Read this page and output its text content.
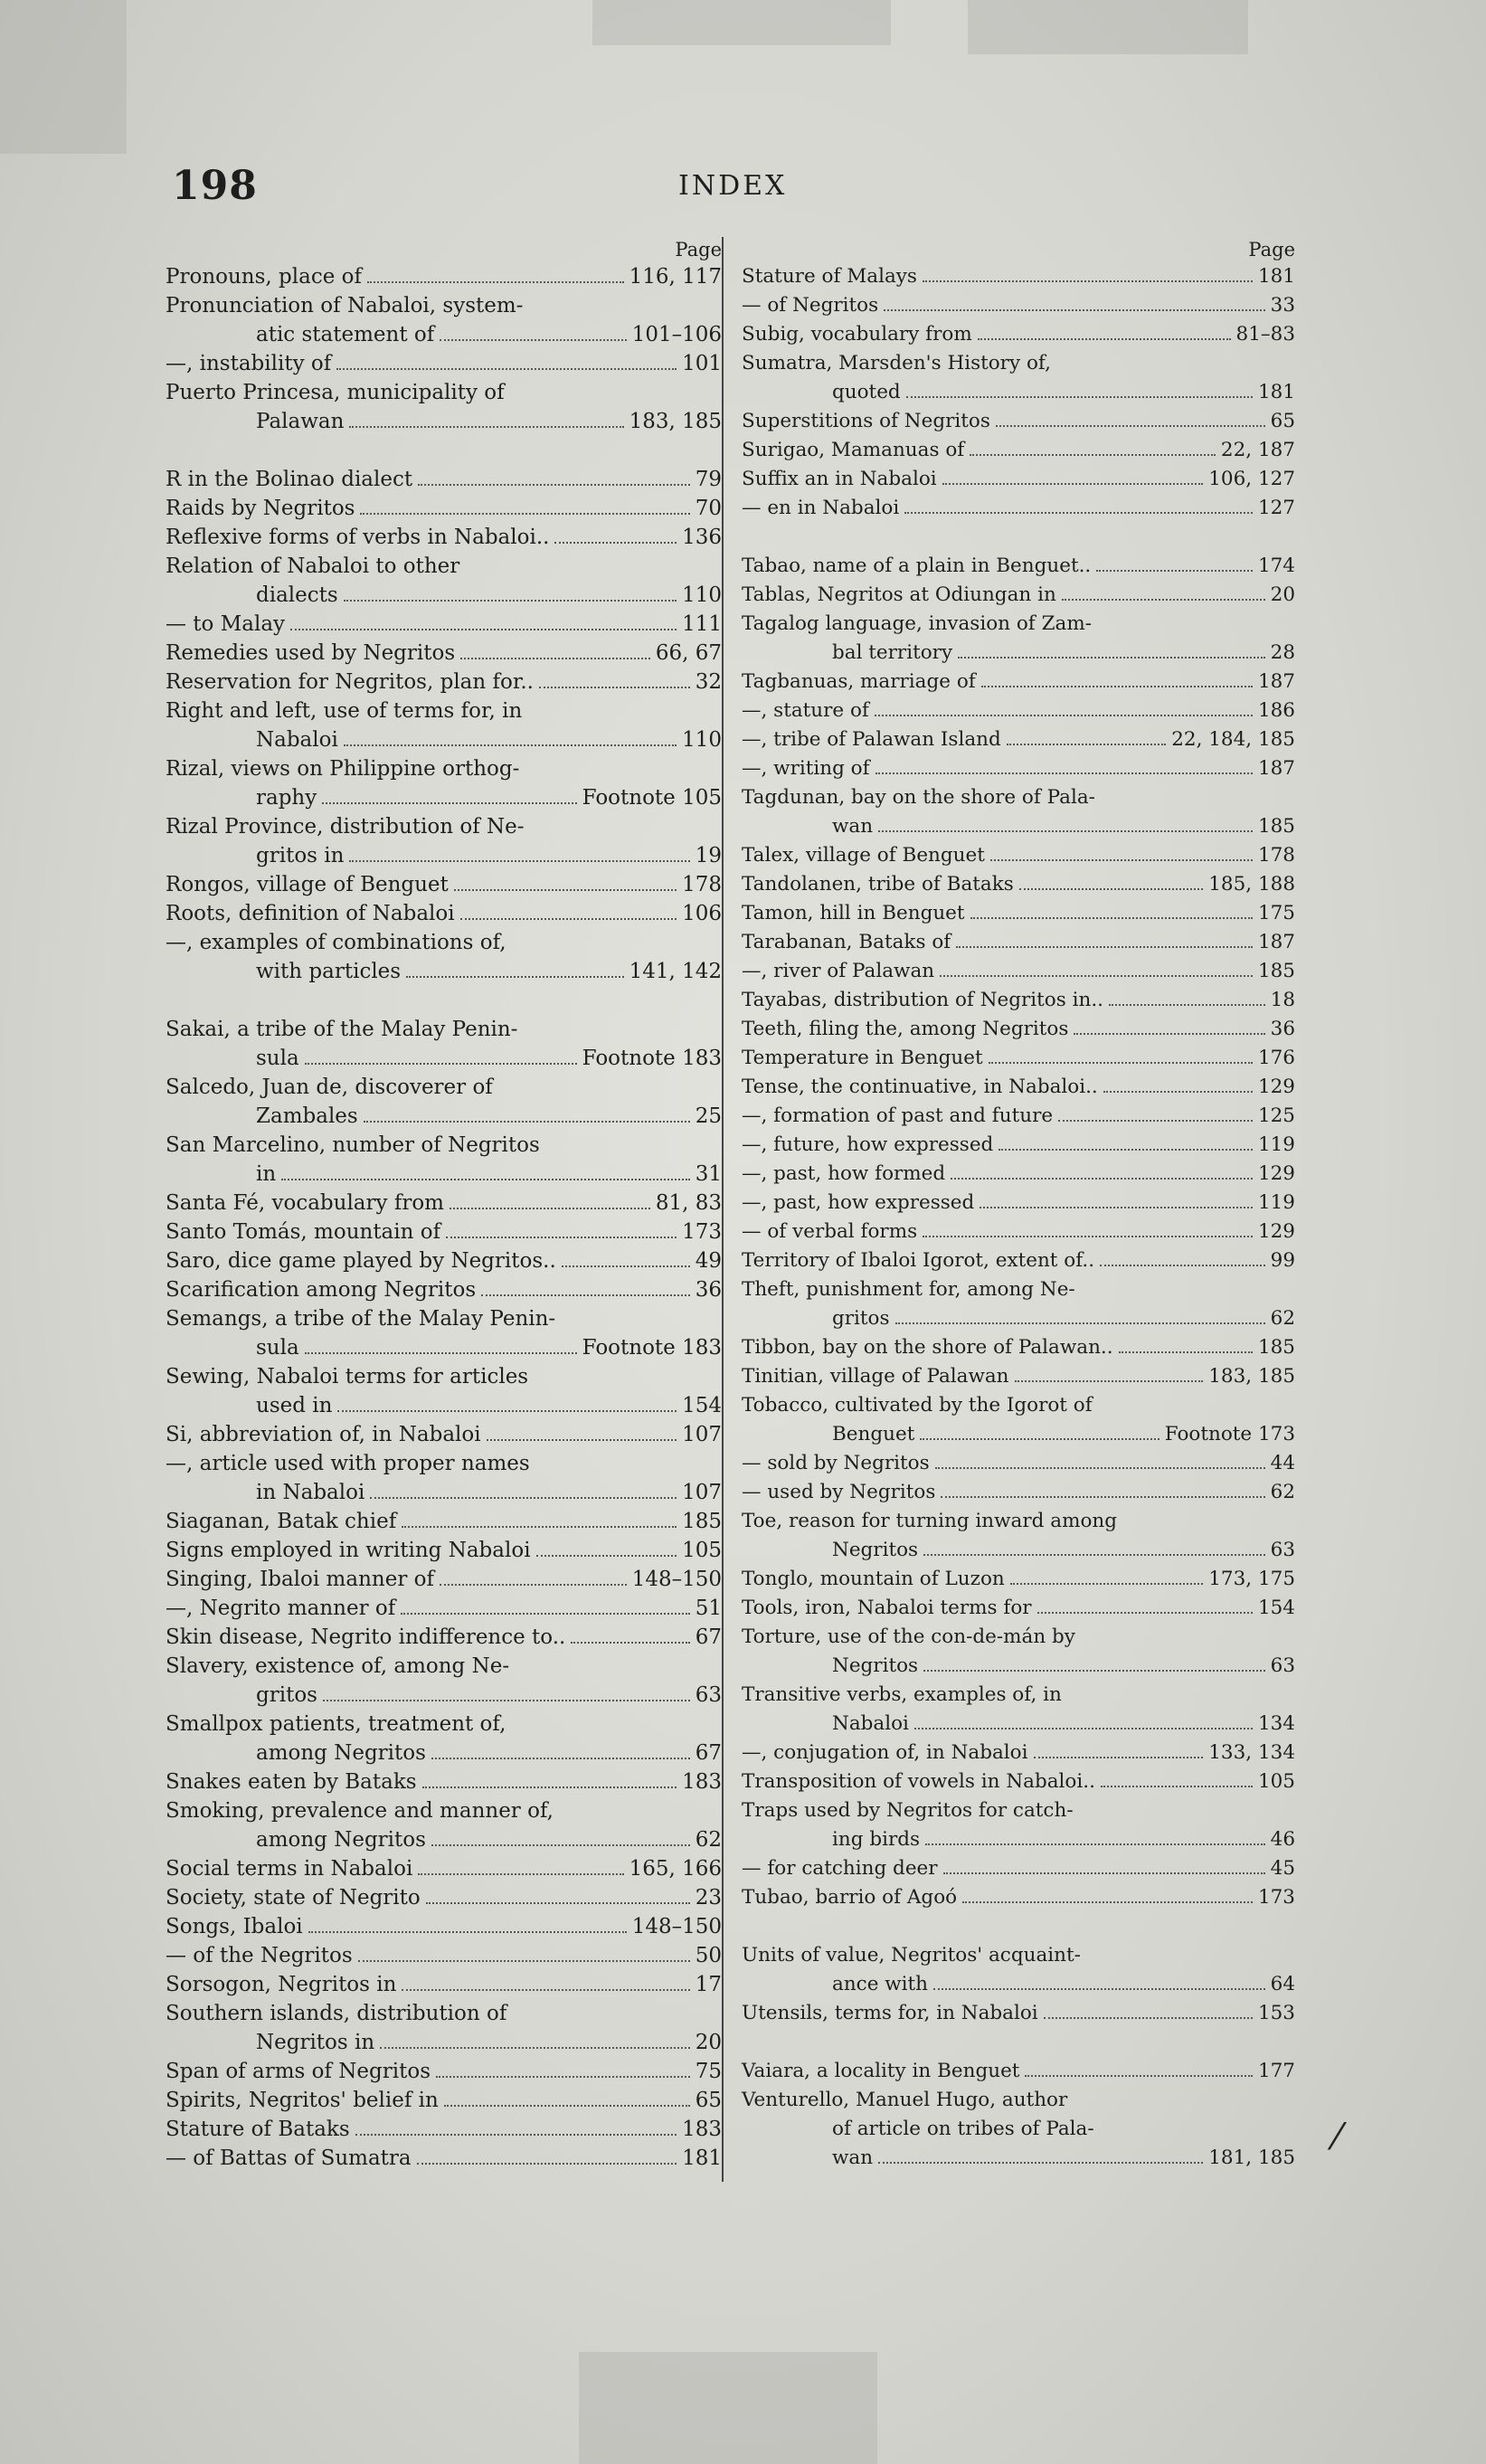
198	INDEX
Page
Pronouns, place of	116, 117
Pronunciation of Nabaloi, system-
atic statement of	101–106
—, instability of	101
Puerto Princesa, municipality of
Palawan	183, 185
R in the Bolinao dialect	79
Raids by Negritos	70
Reflexive forms of verbs in Nabaloi..	136
Relation of Nabaloi to other
dialects	110
— to Malay	111
Remedies used by Negritos	66, 67
Reservation for Negritos, plan for..	32
Right and left, use of terms for, in
Nabaloi	110
Rizal, views on Philippine orthog-
raphy	Footnote 105
Rizal Province, distribution of Ne-
gritos in	19
Rongos, village of Benguet	178
Roots, definition of Nabaloi	106
—, examples of combinations of,
with particles	141, 142
Sakai, a tribe of the Malay Penin-
sula	Footnote 183
Salcedo, Juan de, discoverer of
Zambales	25
San Marcelino, number of Negritos
in	31
Santa Fé, vocabulary from	81, 83
Santo Tomás, mountain of	173
Saro, dice game played by Negritos..	49
Scarification among Negritos	36
Semangs, a tribe of the Malay Penin-
sula	Footnote 183
Sewing, Nabaloi terms for articles
used in	154
Si, abbreviation of, in Nabaloi	107
—, article used with proper names
in Nabaloi	107
Siaganan, Batak chief	185
Signs employed in writing Nabaloi	105
Singing, Ibaloi manner of	148–150
—, Negrito manner of	51
Skin disease, Negrito indifference to..	67
Slavery, existence of, among Ne-
gritos	63
Smallpox patients, treatment of,
among Negritos	67
Snakes eaten by Bataks	183
Smoking, prevalence and manner of,
among Negritos	62
Social terms in Nabaloi	165, 166
Society, state of Negrito	23
Songs, Ibaloi	148–150
— of the Negritos	50
Sorsogon, Negritos in	17
Southern islands, distribution of
Negritos in	20
Span of arms of Negritos	75
Spirits, Negritos' belief in	65
Stature of Bataks	183
— of Battas of Sumatra	181
Page
Stature of Malays	181
— of Negritos	33
Subig, vocabulary from	81–83
Sumatra, Marsden's History of,
quoted	181
Superstitions of Negritos	65
Surigao, Mamanuas of	22, 187
Suffix an in Nabaloi	106, 127
— en in Nabaloi	127
Tabao, name of a plain in Benguet..	174
Tablas, Negritos at Odiungan in	20
Tagalog language, invasion of Zam-
bal territory	28
Tagbanuas, marriage of	187
—, stature of	186
—, tribe of Palawan Island	22, 184, 185
—, writing of	187
Tagdunan, bay on the shore of Pala-
wan	185
Talex, village of Benguet	178
Tandolanen, tribe of Bataks	185, 188
Tamon, hill in Benguet	175
Tarabanan, Bataks of	187
—, river of Palawan	185
Tayabas, distribution of Negritos in..	18
Teeth, filing the, among Negritos	36
Temperature in Benguet	176
Tense, the continuative, in Nabaloi..	129
—, formation of past and future	125
—, future, how expressed	119
—, past, how formed	129
—, past, how expressed	119
— of verbal forms	129
Territory of Ibaloi Igorot, extent of..	99
Theft, punishment for, among Ne-
gritos	62
Tibbon, bay on the shore of Palawan..	185
Tinitian, village of Palawan	183, 185
Tobacco, cultivated by the Igorot of
Benguet	Footnote 173
— sold by Negritos	44
— used by Negritos	62
Toe, reason for turning inward among
Negritos	63
Tonglo, mountain of Luzon	173, 175
Tools, iron, Nabaloi terms for	154
Torture, use of the con-de-mán by
Negritos	63
Transitive verbs, examples of, in
Nabaloi	134
—, conjugation of, in Nabaloi	133, 134
Transposition of vowels in Nabaloi..	105
Traps used by Negritos for catch-
ing birds	46
— for catching deer	45
Tubao, barrio of Agoó	173
Units of value, Negritos' acquaint-
ance with	64
Utensils, terms for, in Nabaloi	153
Vaiara, a locality in Benguet	177
Venturello, Manuel Hugo, author
of article on tribes of Pala-
wan	181, 185 ⁄
